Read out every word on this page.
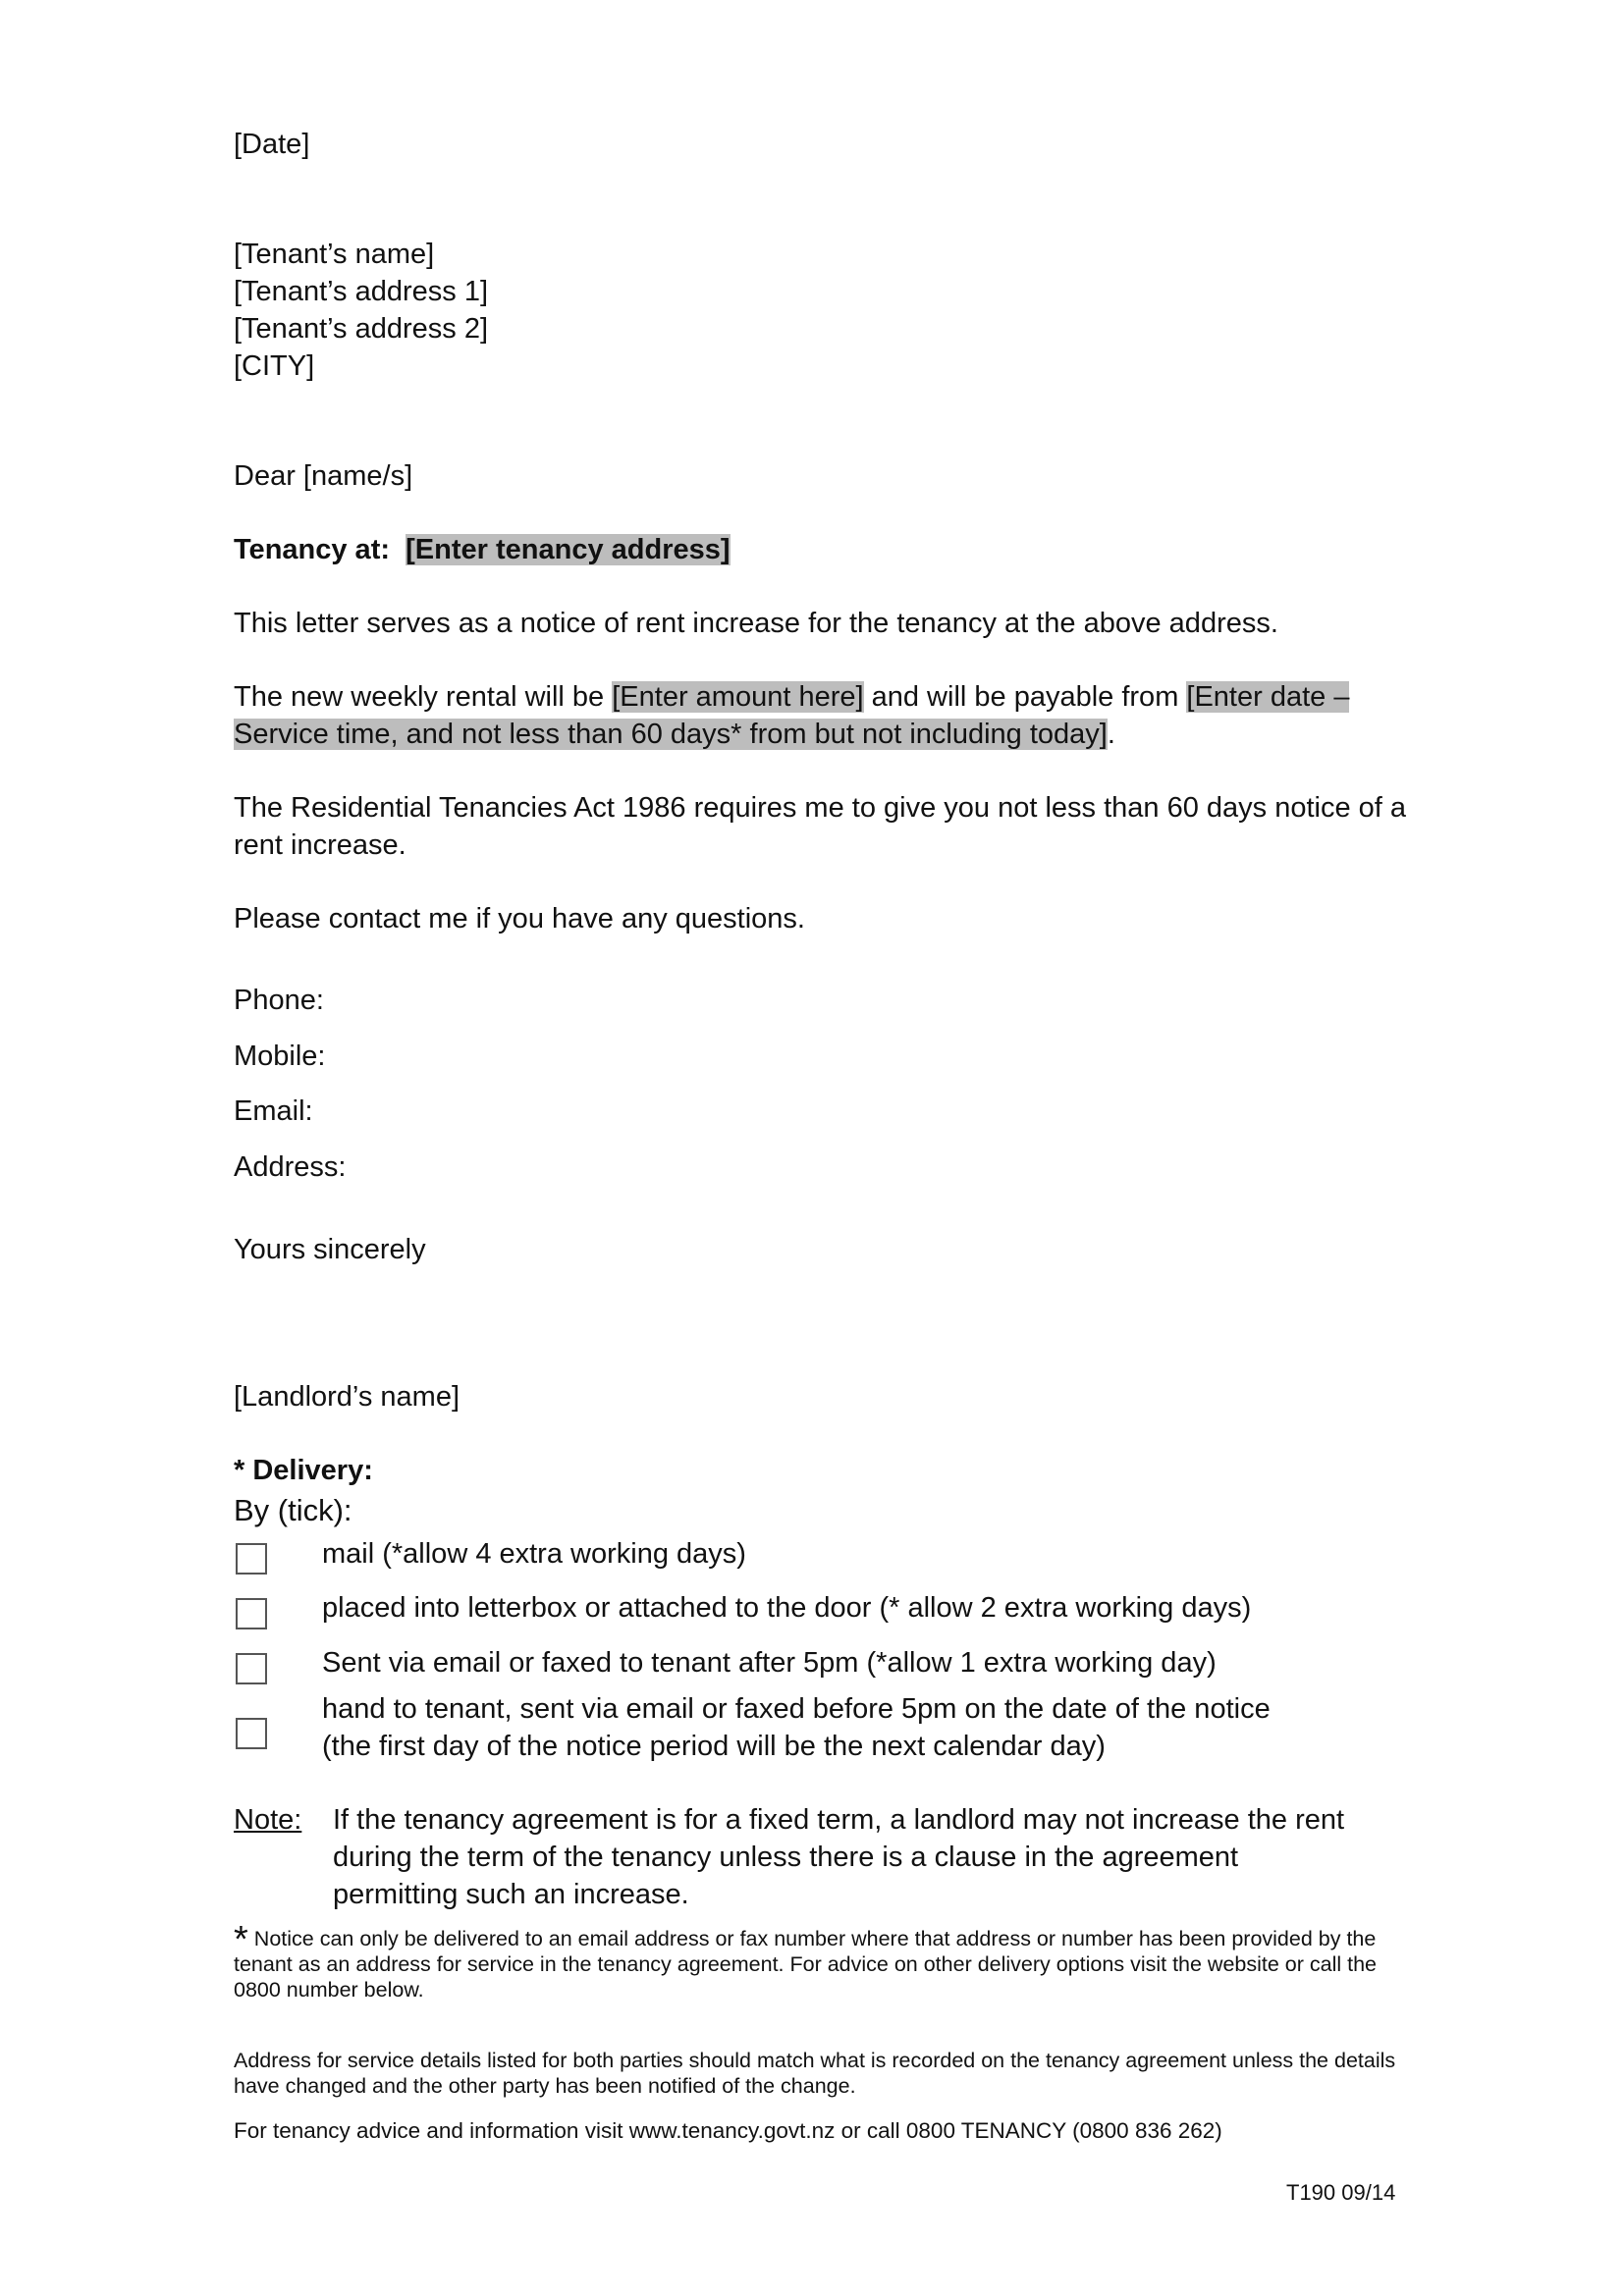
[Date]
[Tenant’s name]
[Tenant’s address 1]
[Tenant’s address 2]
[CITY]
Dear [name/s]
Tenancy at: [Enter tenancy address]
This letter serves as a notice of rent increase for the tenancy at the above address.
The new weekly rental will be [Enter amount here] and will be payable from [Enter date – Service time, and not less than 60 days* from but not including today].
The Residential Tenancies Act 1986 requires me to give you not less than 60 days notice of a rent increase.
Please contact me if you have any questions.
Phone:
Mobile:
Email:
Address:
Yours sincerely
[Landlord’s name]
* Delivery:
By (tick):
mail (*allow 4 extra working days)
placed into letterbox or attached to the door (* allow 2 extra working days)
Sent via email or faxed to tenant after 5pm (*allow 1 extra working day)
hand to tenant, sent via email or faxed before 5pm on the date of the notice
(the first day of the notice period will be the next calendar day)
Note: If the tenancy agreement is for a fixed term, a landlord may not increase the rent during the term of the tenancy unless there is a clause in the agreement permitting such an increase.
* Notice can only be delivered to an email address or fax number where that address or number has been provided by the tenant as an address for service in the tenancy agreement. For advice on other delivery options visit the website or call the 0800 number below.
Address for service details listed for both parties should match what is recorded on the tenancy agreement unless the details have changed and the other party has been notified of the change.
For tenancy advice and information visit www.tenancy.govt.nz or call 0800 TENANCY (0800 836 262)
T190 09/14
